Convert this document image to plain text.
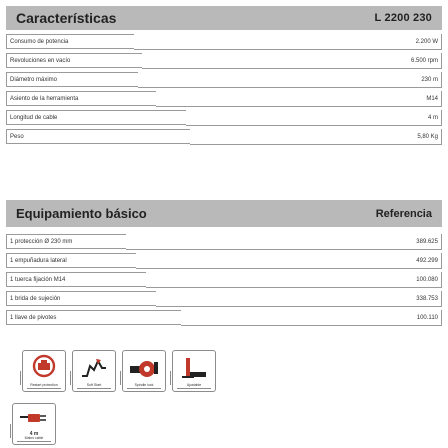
Características	L 2200 230
Consumo de potencia	2.200 W
Revoluciones en vacío	6.500 rpm
Diámetro máximo	230 m
Asiento de la herramienta	M14
Longitud de cable	4 m
Peso	5,80 Kg
Equipamiento básico	Referencia
1 protección Ø 230 mm	389.625
1 empuñadura lateral	492.299
1 tuerca fijación M14	100.080
1 brida de sujeción	338.753
1 llave de pivotes	100.110
Restart protection	Soft Start	Spindle lock	Ajustable
4 m
Mains cable
